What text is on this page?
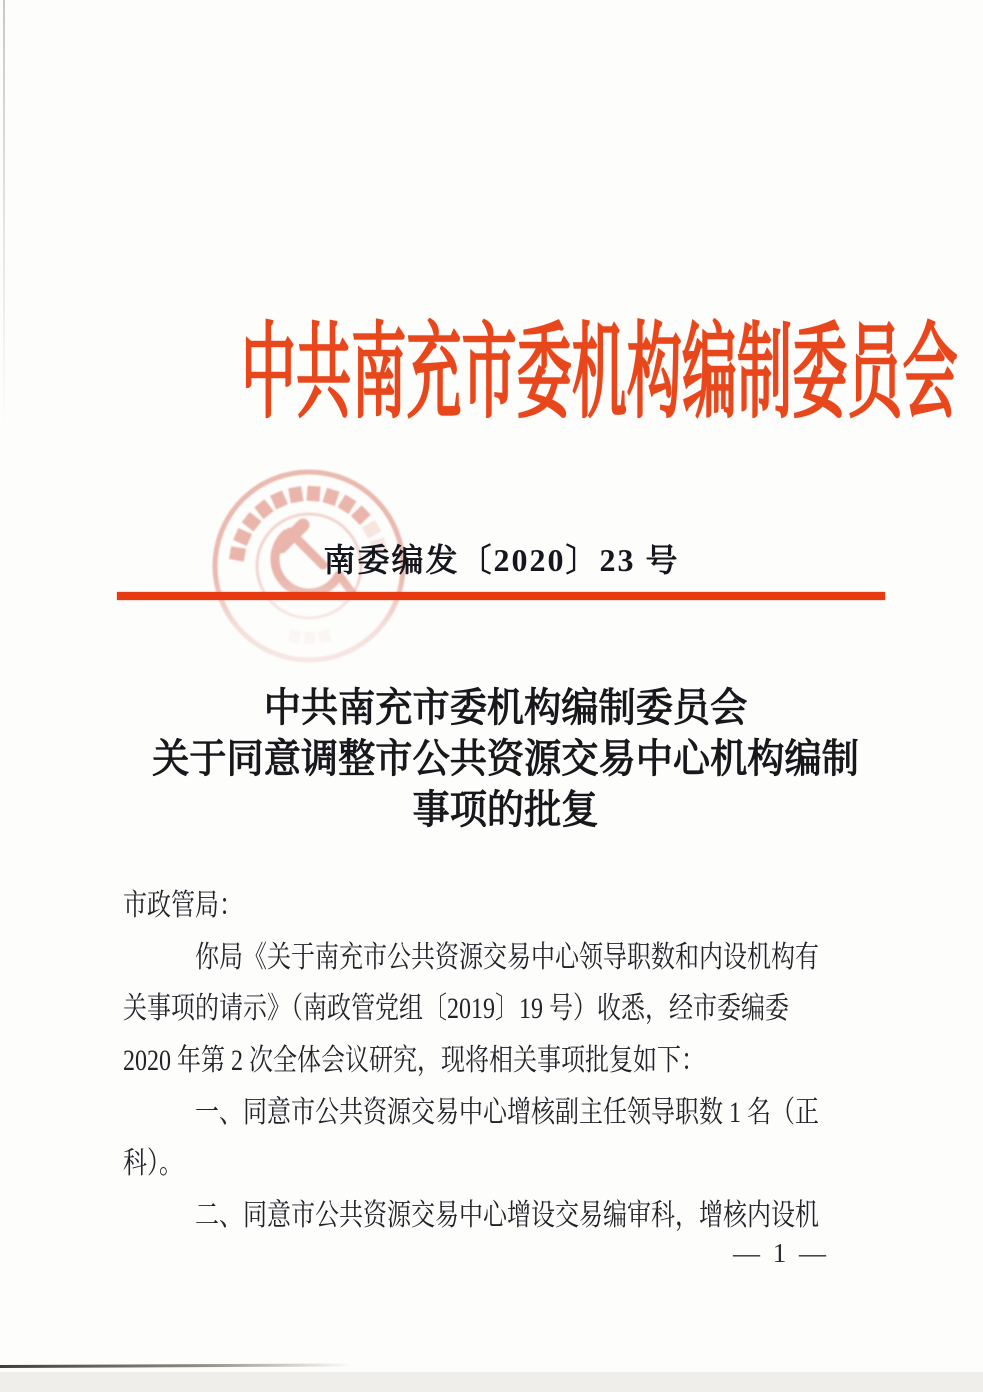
中共南充市委机构编制委员会
南委编发〔2020〕23 号
中共南充市委机构编制委员会
关于同意调整市公共资源交易中心机构编制
事项的批复
市政管局：
你局《关于南充市公共资源交易中心领导职数和内设机构有
关事项的请示》（南政管党组〔2019〕19 号）收悉，经市委编委
2020 年第 2 次全体会议研究，现将相关事项批复如下：
一、同意市公共资源交易中心增核副主任领导职数 1 名（正
科）。
二、同意市公共资源交易中心增设交易编审科，增核内设机
— 1 —
